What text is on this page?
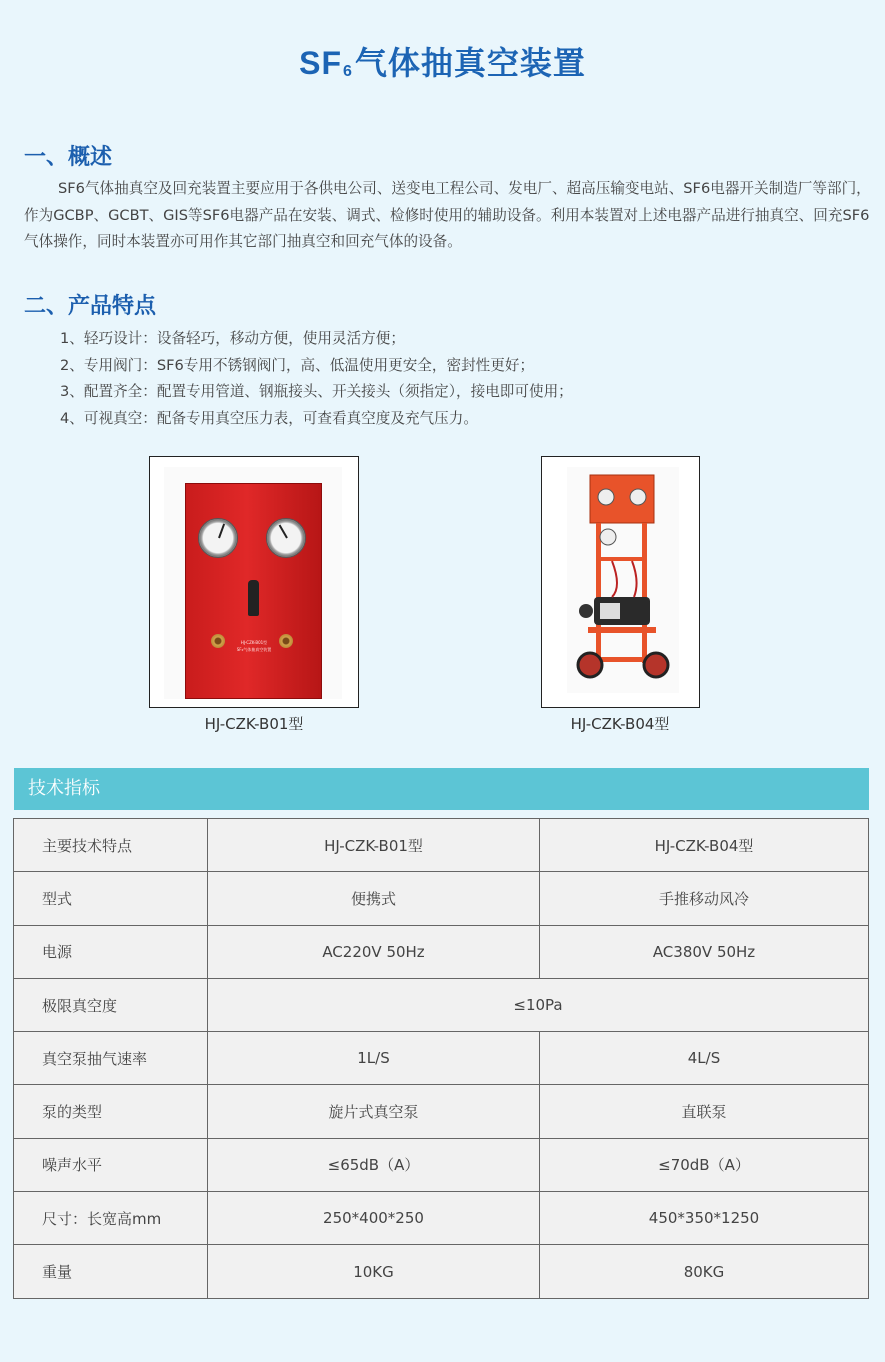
$SF_6$气体抽真空装置
一、概述

SF6气体抽真空及回充装置主要应用于各供电公司、送变电工程公司、发电厂、超高压输变电站、SF6电器开关制造厂等部门，作为GCBP、GCBT、GIS等SF6电器产品在安装、调式、检修时使用的辅助设备。利用本装置对上述电器产品进行抽真空、回充SF6气体操作，同时本装置亦可用作其它部门抽真空和回充气体的设备。

二、产品特点
1、轻巧设计：设备轻巧，移动方便，使用灵活方便；
2、专用阀门：SF6专用不锈钢阀门，高、低温使用更安全，密封性更好；
3、配置齐全：配置专用管道、钢瓶接头、开关接头（须指定），接电即可使用；
4、可视真空：配备专用真空压力表，可查看真空度及充气压力。
HJ-CZK-B01型
SF₆气体抽真空装置
HJ-CZK-B01型	HJ-CZK-B04型
技术指标
主要技术特点	HJ-CZK-B01型	HJ-CZK-B04型
型式	便携式	手推移动风冷
电源	AC220V 50Hz	AC380V 50Hz
极限真空度	≤10Pa	
真空泵抽气速率	1L/S	4L/S
泵的类型	旋片式真空泵	直联泵
噪声水平	≤65dB（A）	≤70dB（A）
尺寸：长宽高mm	250*400*250	450*350*1250
重量	10KG	80KG
